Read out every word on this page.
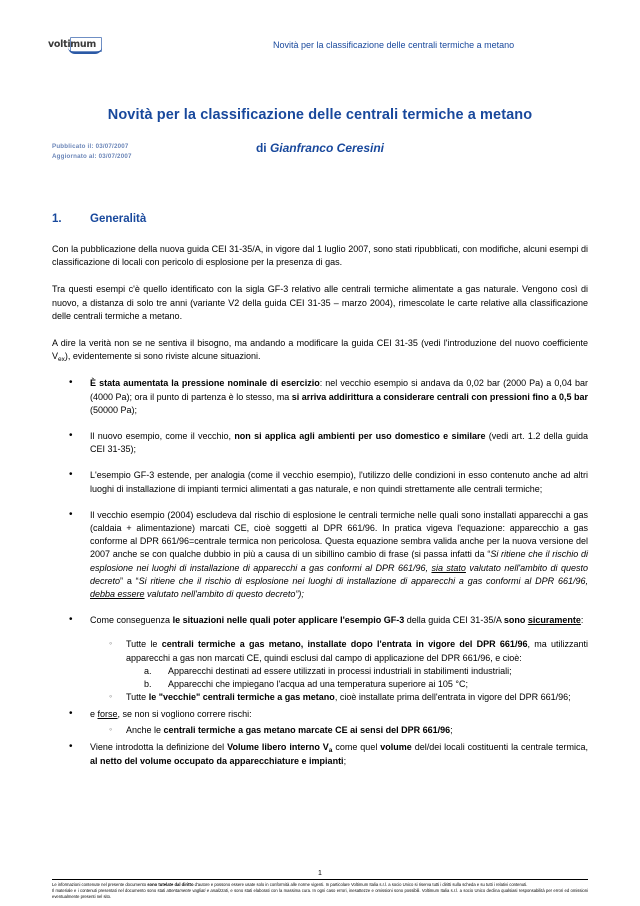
voltimum	Novità per la classificazione delle centrali termiche a metano
Novità per la classificazione delle centrali termiche a metano
Pubblicato il: 03/07/2007
Aggiornato al: 03/07/2007
di Gianfranco Ceresini
1.	Generalità

Con la pubblicazione della nuova guida CEI 31-35/A, in vigore dal 1 luglio 2007, sono stati ripubblicati, con modifiche, alcuni esempi di classificazione di locali con pericolo di esplosione per la presenza di gas.

Tra questi esempi c'è quello identificato con la sigla GF-3 relativo alle centrali termiche alimentate a gas naturale. Vengono così di nuovo, a distanza di solo tre anni (variante V2 della guida CEI 31-35 – marzo 2004), rimescolate le carte relative alla classificazione delle centrali termiche a metano.

A dire la verità non se ne sentiva il bisogno, ma andando a modificare la guida CEI 31-35 (vedi l'introduzione del nuovo coefficiente $V_{ex}$), evidentemente si sono riviste alcune situazioni.

• È stata aumentata la pressione nominale di esercizio: nel vecchio esempio si andava da 0,02 bar (2000 Pa) a 0,04 bar (4000 Pa); ora il punto di partenza è lo stesso, ma si arriva addirittura a considerare centrali con pressioni fino a 0,5 bar (50000 Pa);
• Il nuovo esempio, come il vecchio, non si applica agli ambienti per uso domestico e similare (vedi art. 1.2 della guida CEI 31-35);
• L'esempio GF-3 estende, per analogia (come il vecchio esempio), l'utilizzo delle condizioni in esso contenuto anche ad altri luoghi di installazione di impianti termici alimentati a gas naturale, e non quindi strettamente alle centrali termiche;
• Il vecchio esempio (2004) escludeva dal rischio di esplosione le centrali termiche nelle quali sono installati apparecchi a gas (caldaia + alimentazione) marcati CE, cioè soggetti al DPR 661/96. In pratica vigeva l'equazione: apparecchio a gas conforme al DPR 661/96=centrale termica non pericolosa. Questa equazione sembra valida anche per la nuova versione del 2007 anche se con qualche dubbio in più a causa di un sibillino cambio di frase (si passa infatti da “Si ritiene che il rischio di esplosione nei luoghi di installazione di apparecchi a gas conformi al DPR 661/96, sia stato valutato nell'ambito di questo decreto” a “Si ritiene che il rischio di esplosione nei luoghi di installazione di apparecchi a gas conformi al DPR 661/96, debba essere valutato nell'ambito di questo decreto”);
• Come conseguenza le situazioni nelle quali poter applicare l'esempio GF-3 della guida CEI 31-35/A sono sicuramente:
◦ Tutte le centrali termiche a gas metano, installate dopo l'entrata in vigore del DPR 661/96, ma utilizzanti apparecchi a gas non marcati CE, quindi esclusi dal campo di applicazione del DPR 661/96, e cioè:
Apparecchi destinati ad essere utilizzati in processi industriali in stabilimenti industriali;
Apparecchi che impiegano l'acqua ad una temperatura superiore ai 105 °C;
◦ Tutte le "vecchie" centrali termiche a gas metano, cioè installate prima dell'entrata in vigore del DPR 661/96;
• e forse, se non si vogliono correre rischi:
◦ Anche le centrali termiche a gas metano marcate CE ai sensi del DPR 661/96;
• Viene introdotta la definizione del Volume libero interno $V_a$ come quel volume del/dei locali costituenti la centrale termica, al netto del volume occupato da apparecchiature e impianti;
1

Le informazioni contenute nel presente documento sono tutelate dal diritto d'autore e possono essere usate solo in conformità alle norme vigenti. In particolare Voltimum Italia s.r.l. a socio Unico si riserva tutti i diritti sulla scheda e su tutti i relativi contenuti.

Il materiale e i contenuti presentati nel documento sono stati attentamente vagliati e analizzati, e sono stati elaborati con la massima cura. In ogni caso errori, inesattezze e omissioni sono possibili. Voltimum Italia s.r.l. a socio Unico declina qualsiasi responsabilità per errori ed omissioni eventualmente presenti nel sito.
